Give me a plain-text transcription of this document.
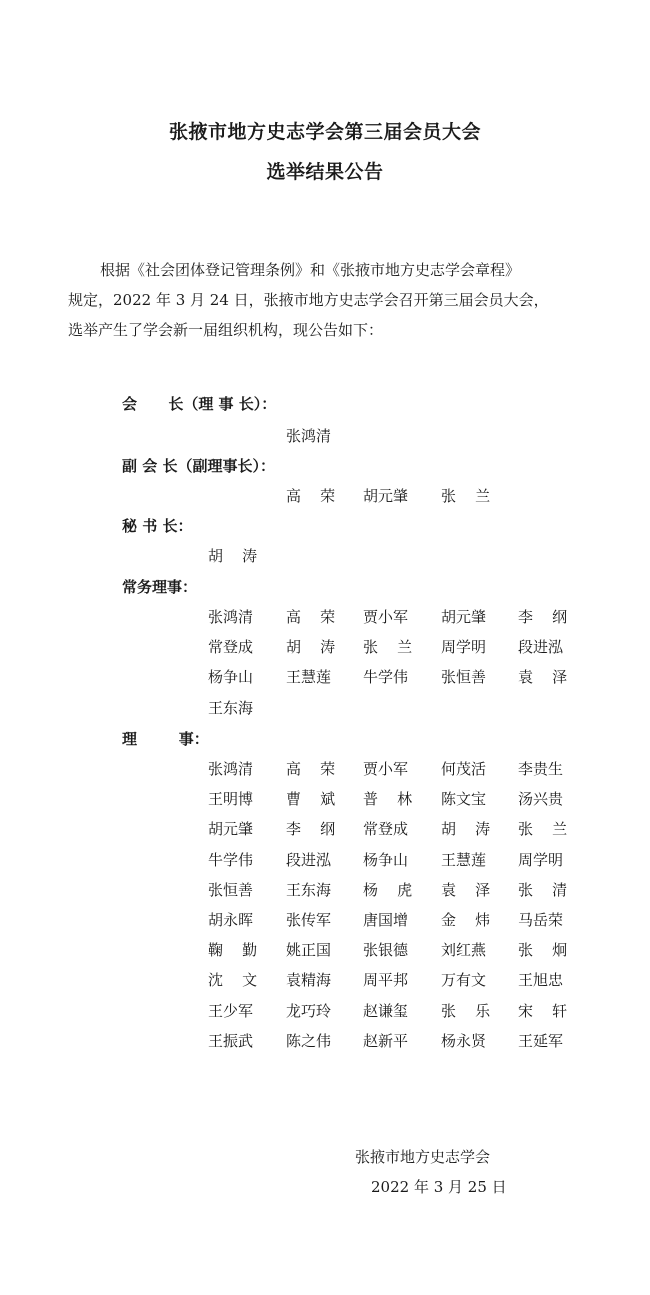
张掖市地方史志学会第三届会员大会
选举结果公告

根据《社会团体登记管理条例》和《张掖市地方史志学会章程》

规定，2022 年 3 月 24 日，张掖市地方史志学会召开第三届会员大会，

选举产生了学会新一届组织机构，现公告如下：

会      长（理 事 长）：
张鸿清
副 会 长（副理事长）：
高    荣 胡元肇 张    兰
秘 书 长：
胡    涛
常务理事：
张鸿清 高    荣 贾小军 胡元肇 李    纲
常登成 胡    涛 张    兰 周学明 段进泓
杨争山 王慧莲 牛学伟 张恒善 袁    泽
王东海
理        事：
张鸿清 高    荣 贾小军 何茂活 李贵生
王明博 曹    斌 普    林 陈文宝 汤兴贵
胡元肇 李    纲 常登成 胡    涛 张    兰
牛学伟 段进泓 杨争山 王慧莲 周学明
张恒善 王东海 杨    虎 袁    泽 张    清
胡永晖 张传军 唐国增 金    炜 马岳荣
鞠    勤 姚正国 张银德 刘红燕 张    炯
沈    文 袁精海 周平邦 万有文 王旭忠
王少军 龙巧玲 赵谦玺 张    乐 宋    轩
王振武 陈之伟 赵新平 杨永贤 王延军
张掖市地方史志学会
2022 年 3 月 25 日
